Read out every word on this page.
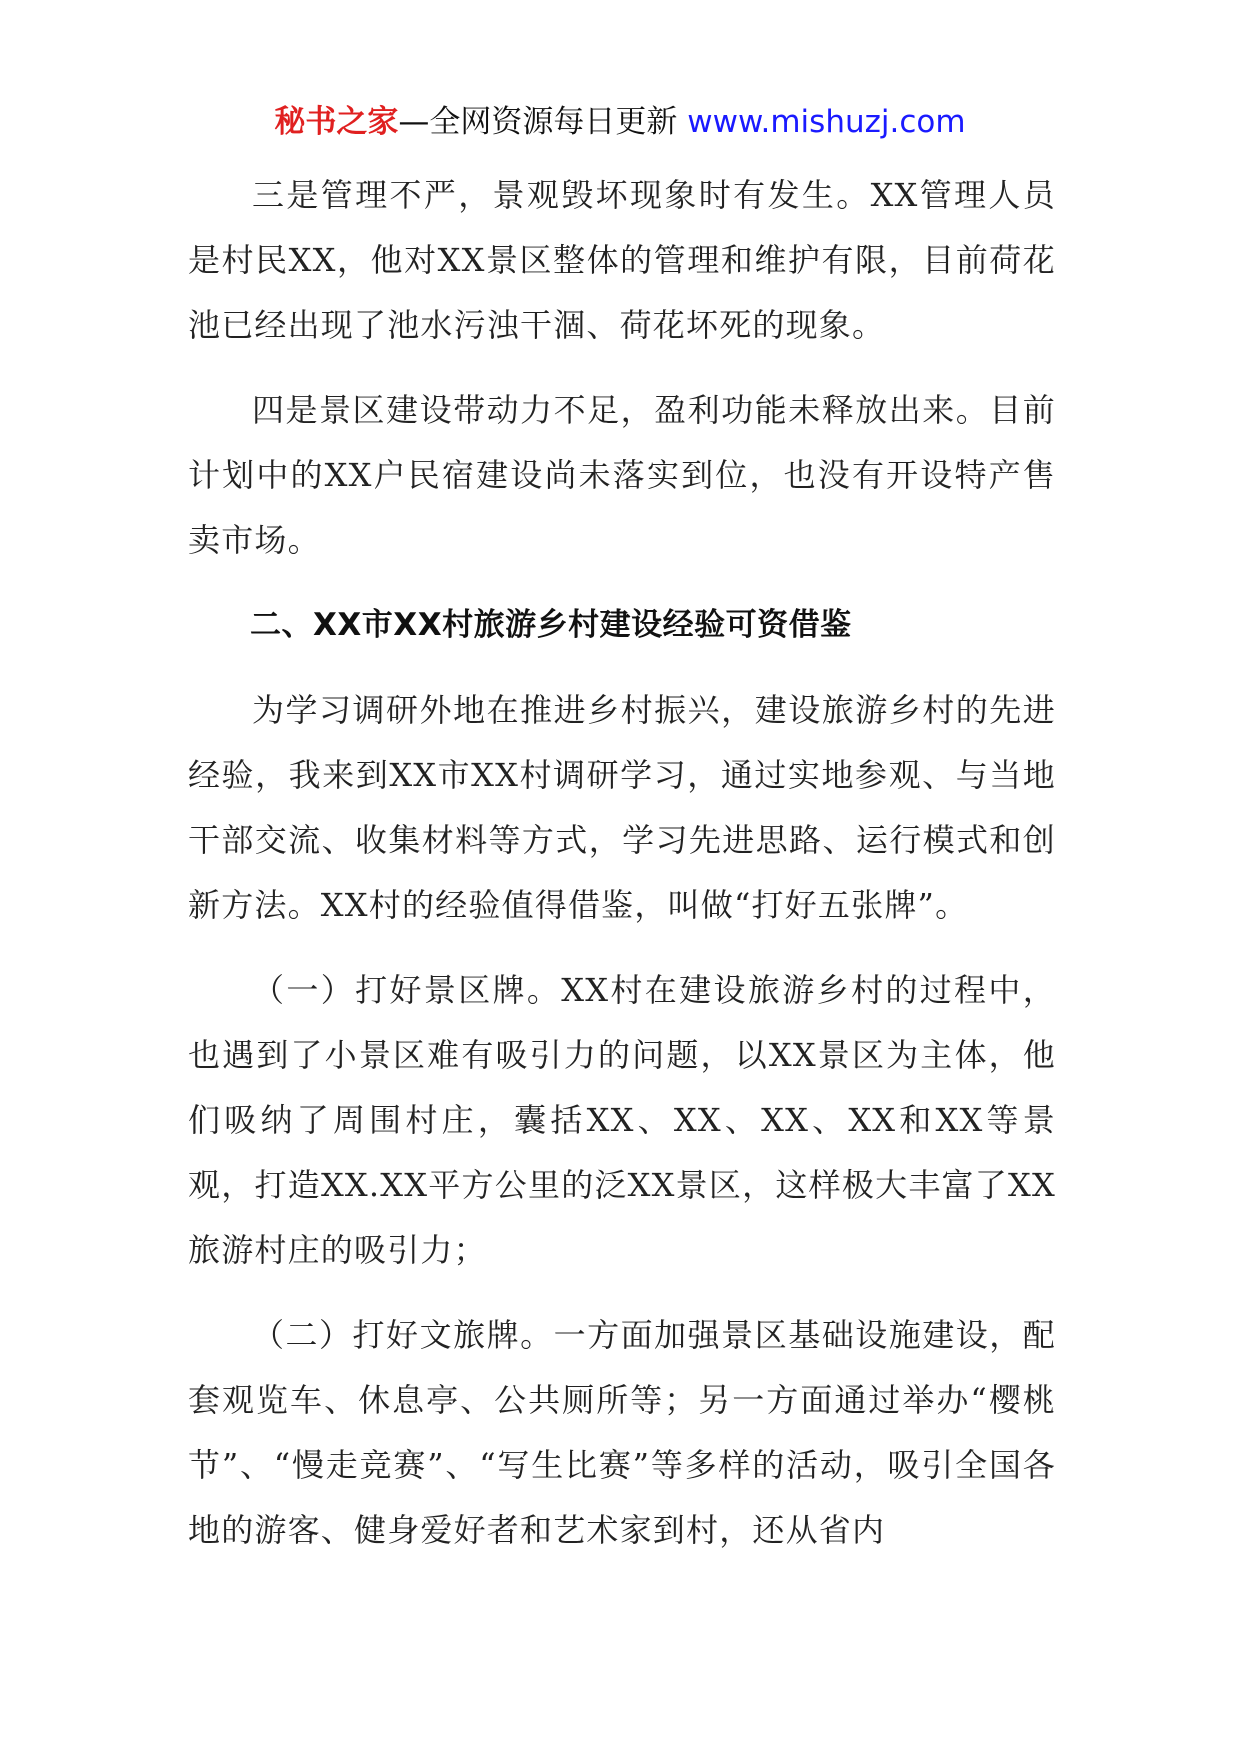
秘书之家—全网资源每日更新 www.mishuzj.com

三是管理不严，景观毁坏现象时有发生。XX管理人员是村民XX，他对XX景区整体的管理和维护有限，目前荷花池已经出现了池水污浊干涸、荷花坏死的现象。

四是景区建设带动力不足，盈利功能未释放出来。目前计划中的XX户民宿建设尚未落实到位，也没有开设特产售卖市场。

二、XX市XX村旅游乡村建设经验可资借鉴

为学习调研外地在推进乡村振兴，建设旅游乡村的先进经验，我来到XX市XX村调研学习，通过实地参观、与当地干部交流、收集材料等方式，学习先进思路、运行模式和创新方法。XX村的经验值得借鉴，叫做“打好五张牌”。

（一）打好景区牌。XX村在建设旅游乡村的过程中，也遇到了小景区难有吸引力的问题，以XX景区为主体，他们吸纳了周围村庄，囊括XX、XX、XX、XX和XX等景观，打造XX.XX平方公里的泛XX景区，这样极大丰富了XX旅游村庄的吸引力；

（二）打好文旅牌。一方面加强景区基础设施建设，配套观览车、休息亭、公共厕所等；另一方面通过举办“樱桃节”、“慢走竞赛”、“写生比赛”等多样的活动，吸引全国各地的游客、健身爱好者和艺术家到村，还从省内
